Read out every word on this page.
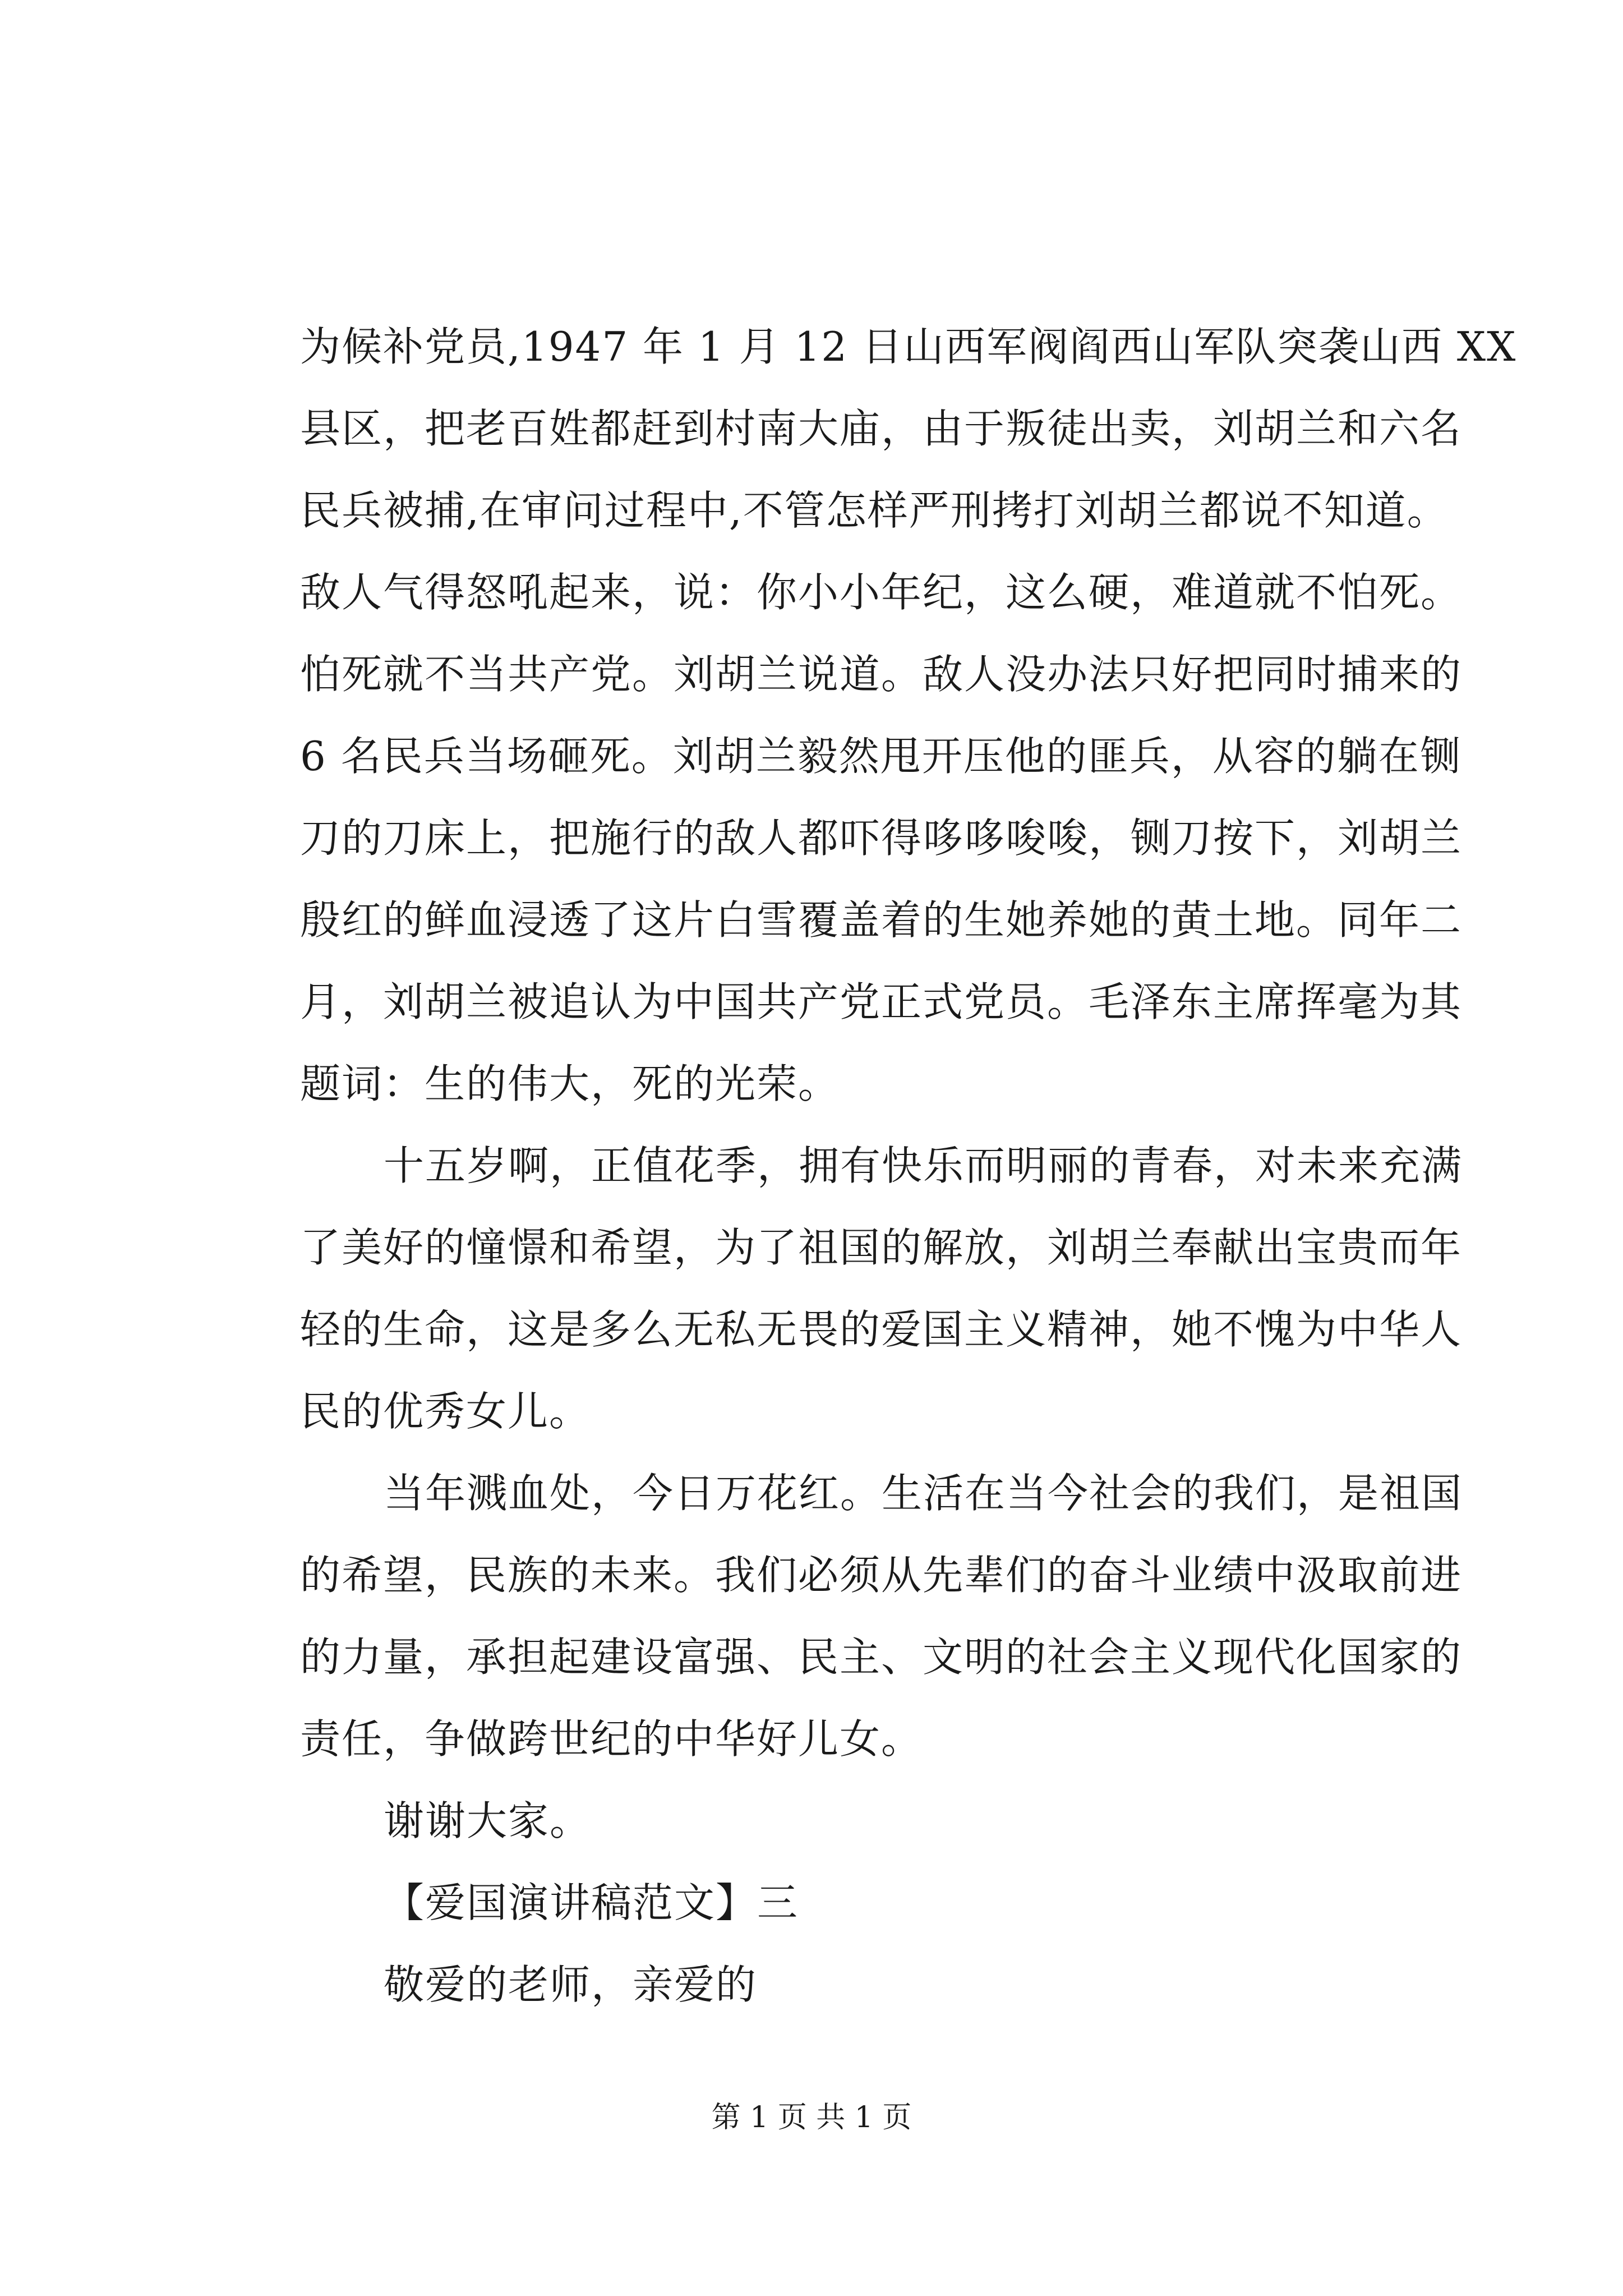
为候补党员,1947 年 1 月 12 日山西军阀阎西山军队突袭山西 XX
县区，把老百姓都赶到村南大庙，由于叛徒出卖，刘胡兰和六名
民兵被捕,在审问过程中,不管怎样严刑拷打刘胡兰都说不知道。
敌人气得怒吼起来，说：你小小年纪，这么硬，难道就不怕死。
怕死就不当共产党。刘胡兰说道。敌人没办法只好把同时捕来的
6 名民兵当场砸死。刘胡兰毅然甩开压他的匪兵，从容的躺在铡
刀的刀床上，把施行的敌人都吓得哆哆唆唆，铡刀按下，刘胡兰
殷红的鲜血浸透了这片白雪覆盖着的生她养她的黄土地。同年二
月，刘胡兰被追认为中国共产党正式党员。毛泽东主席挥毫为其
题词：生的伟大，死的光荣。
十五岁啊，正值花季，拥有快乐而明丽的青春，对未来充满
了美好的憧憬和希望，为了祖国的解放，刘胡兰奉献出宝贵而年
轻的生命，这是多么无私无畏的爱国主义精神，她不愧为中华人
民的优秀女儿。
当年溅血处，今日万花红。生活在当今社会的我们，是祖国
的希望，民族的未来。我们必须从先辈们的奋斗业绩中汲取前进
的力量，承担起建设富强、民主、文明的社会主义现代化国家的
责任，争做跨世纪的中华好儿女。
谢谢大家。
【爱国演讲稿范文】三
敬爱的老师，亲爱的
第 1 页 共 1 页
